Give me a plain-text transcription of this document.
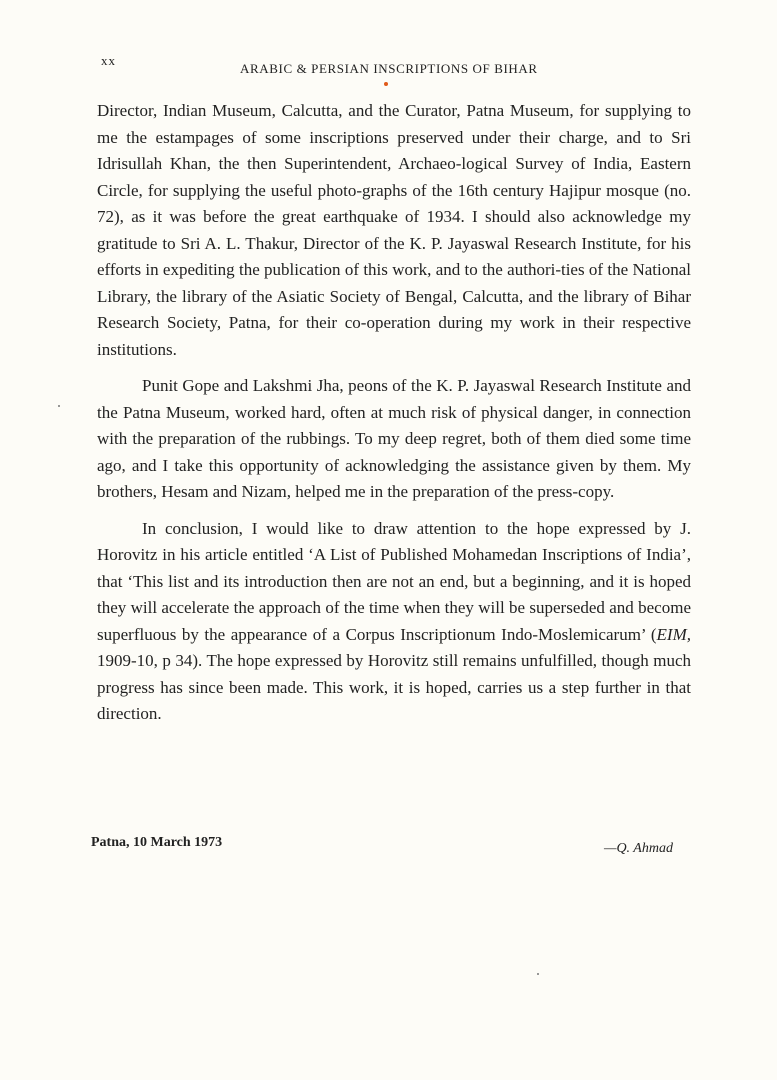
xx
ARABIC & PERSIAN INSCRIPTIONS OF BIHAR

Director, Indian Museum, Calcutta, and the Curator, Patna Museum, for supplying to me the estampages of some inscriptions preserved under their charge, and to Sri Idrisullah Khan, the then Superintendent, Archaeo-logical Survey of India, Eastern Circle, for supplying the useful photo-graphs of the 16th century Hajipur mosque (no. 72), as it was before the great earthquake of 1934. I should also acknowledge my gratitude to Sri A. L. Thakur, Director of the K. P. Jayaswal Research Institute, for his efforts in expediting the publication of this work, and to the authori-ties of the National Library, the library of the Asiatic Society of Bengal, Calcutta, and the library of Bihar Research Society, Patna, for their co-operation during my work in their respective institutions.

Punit Gope and Lakshmi Jha, peons of the K. P. Jayaswal Research Institute and the Patna Museum, worked hard, often at much risk of physical danger, in connection with the preparation of the rubbings. To my deep regret, both of them died some time ago, and I take this opportunity of acknowledging the assistance given by them. My brothers, Hesam and Nizam, helped me in the preparation of the press-copy.

In conclusion, I would like to draw attention to the hope expressed by J. Horovitz in his article entitled ‘A List of Published Mohamedan Inscriptions of India’, that ‘This list and its introduction then are not an end, but a beginning, and it is hoped they will accelerate the approach of the time when they will be superseded and become superfluous by the appearance of a Corpus Inscriptionum Indo-Moslemicarum’ (EIM, 1909-10, p 34). The hope expressed by Horovitz still remains unfulfilled, though much progress has since been made. This work, it is hoped, carries us a step further in that direction.

Patna, 10 March 1973	—Q. Ahmad
